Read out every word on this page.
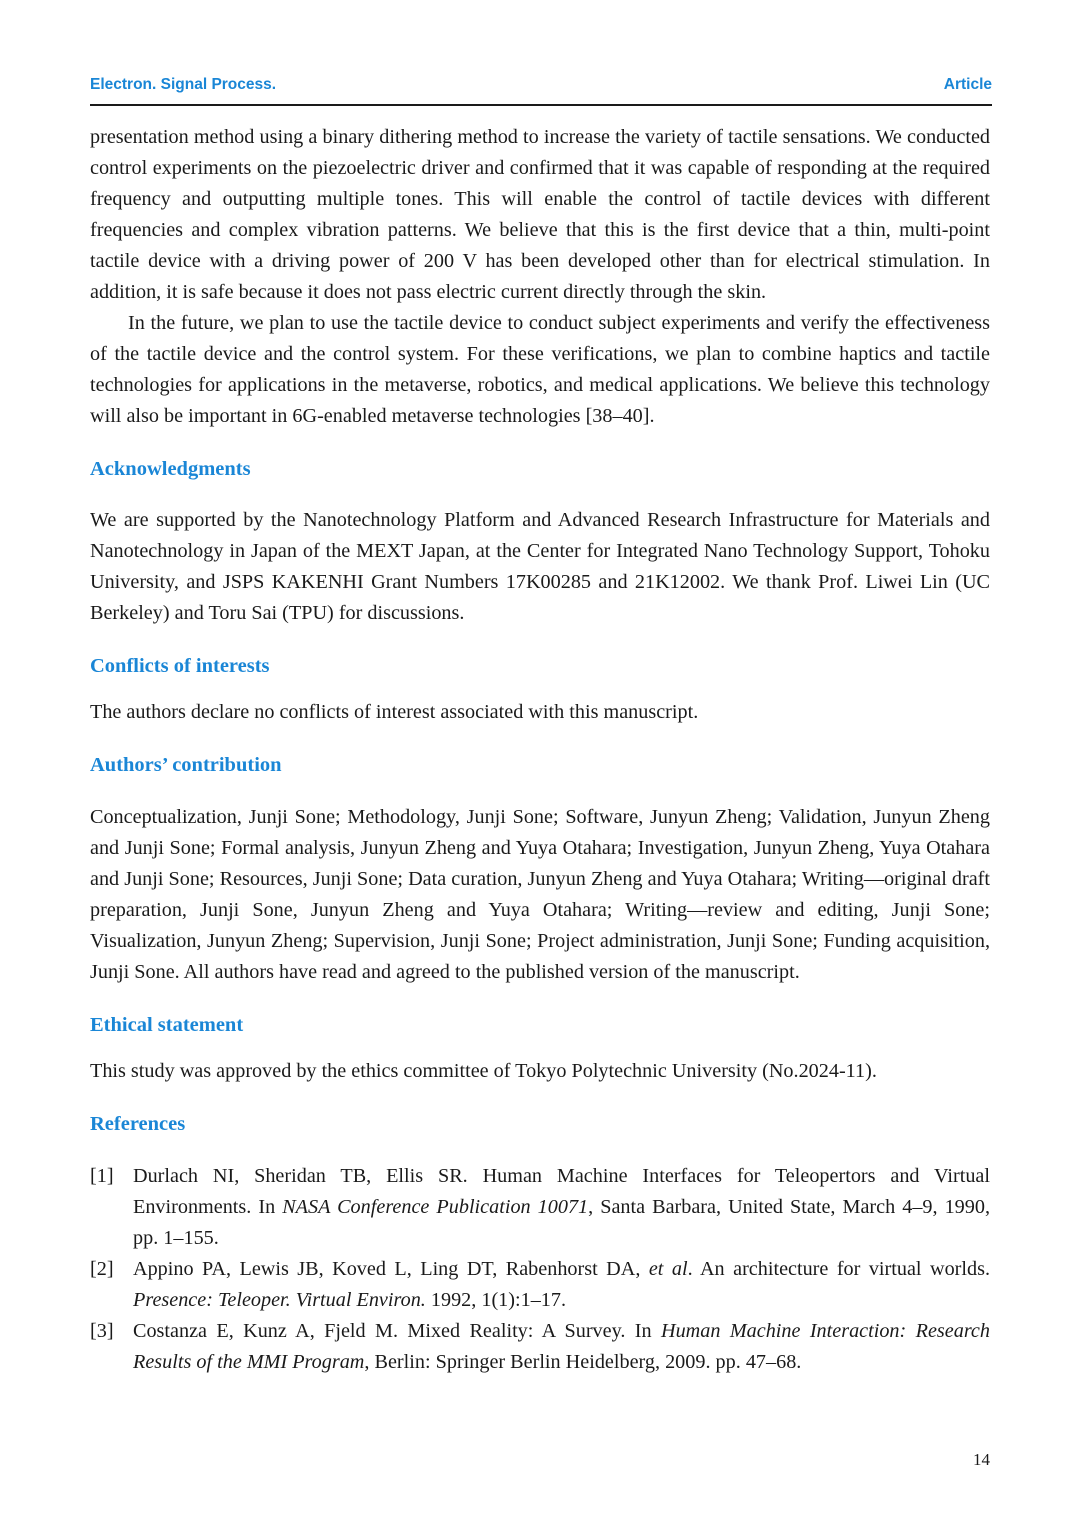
Electron. Signal Process.	Article

presentation method using a binary dithering method to increase the variety of tactile sensations. We conducted control experiments on the piezoelectric driver and confirmed that it was capable of responding at the required frequency and outputting multiple tones. This will enable the control of tactile devices with different frequencies and complex vibration patterns. We believe that this is the first device that a thin, multi-point tactile device with a driving power of 200 V has been developed other than for electrical stimulation. In addition, it is safe because it does not pass electric current directly through the skin.

In the future, we plan to use the tactile device to conduct subject experiments and verify the effectiveness of the tactile device and the control system. For these verifications, we plan to combine haptics and tactile technologies for applications in the metaverse, robotics, and medical applications. We believe this technology will also be important in 6G-enabled metaverse technologies [38–40].

Acknowledgments

We are supported by the Nanotechnology Platform and Advanced Research Infrastructure for Materials and Nanotechnology in Japan of the MEXT Japan, at the Center for Integrated Nano Technology Support, Tohoku University, and JSPS KAKENHI Grant Numbers 17K00285 and 21K12002. We thank Prof. Liwei Lin (UC Berkeley) and Toru Sai (TPU) for discussions.

Conflicts of interests

The authors declare no conflicts of interest associated with this manuscript.

Authors’ contribution

Conceptualization, Junji Sone; Methodology, Junji Sone; Software, Junyun Zheng; Validation, Junyun Zheng and Junji Sone; Formal analysis, Junyun Zheng and Yuya Otahara; Investigation, Junyun Zheng, Yuya Otahara and Junji Sone; Resources, Junji Sone; Data curation, Junyun Zheng and Yuya Otahara; Writing—original draft preparation, Junji Sone, Junyun Zheng and Yuya Otahara; Writing—review and editing, Junji Sone; Visualization, Junyun Zheng; Supervision, Junji Sone; Project administration, Junji Sone; Funding acquisition, Junji Sone. All authors have read and agreed to the published version of the manuscript.

Ethical statement

This study was approved by the ethics committee of Tokyo Polytechnic University (No.2024-11).

References
[1] Durlach NI, Sheridan TB, Ellis SR. Human Machine Interfaces for Teleopertors and Virtual Environments. In NASA Conference Publication 10071, Santa Barbara, United State, March 4–9, 1990, pp. 1–155.
[2] Appino PA, Lewis JB, Koved L, Ling DT, Rabenhorst DA, et al. An architecture for virtual worlds. Presence: Teleoper. Virtual Environ. 1992, 1(1):1–17.
[3] Costanza E, Kunz A, Fjeld M. Mixed Reality: A Survey. In Human Machine Interaction: Research Results of the MMI Program, Berlin: Springer Berlin Heidelberg, 2009. pp. 47–68.
14
